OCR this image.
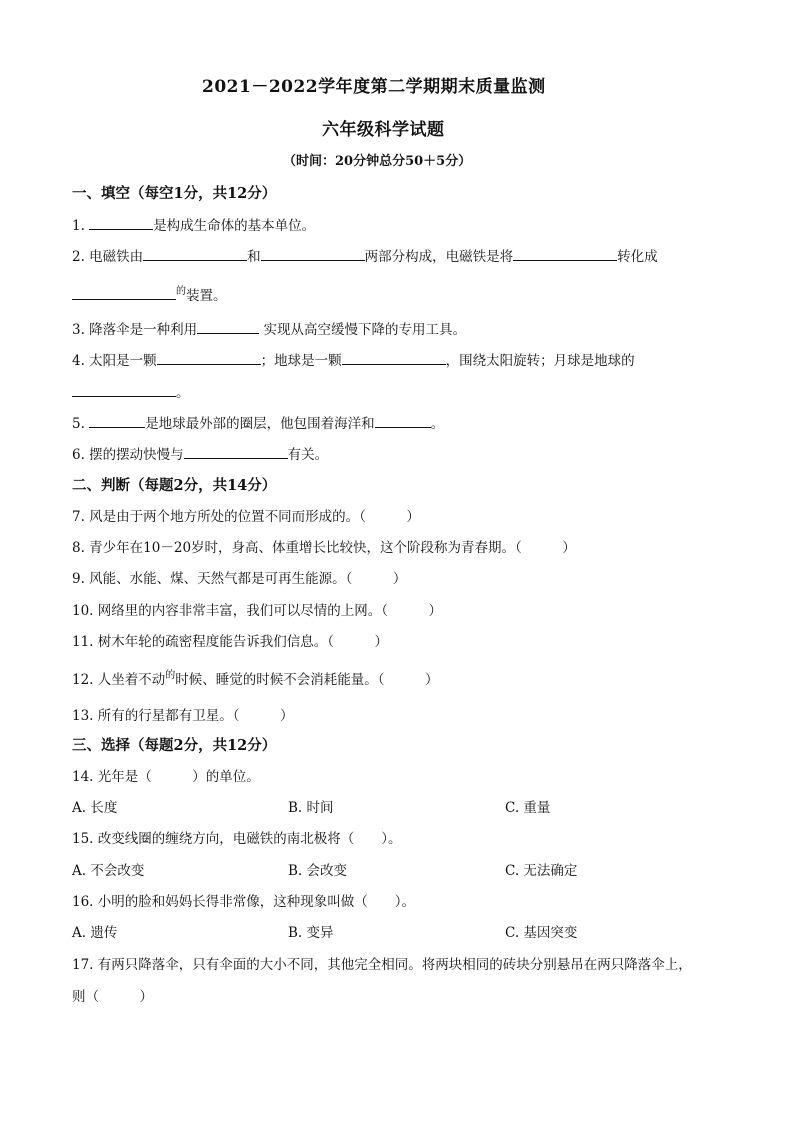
2021－2022学年度第二学期期末质量监测
六年级科学试题
（时间：20分钟总分50＋5分）
一、填空（每空1分，共12分）
1.	是构成生命体的基本单位。
2. 电磁铁由	和	两部分构成，电磁铁是将	转化成
$^的$装置。
3. 降落伞是一种利用	实现从高空缓慢下降的专用工具。
4. 太阳是一颗	；地球是一颗	，围绕太阳旋转；月球是地球的
。
5.	是地球最外部的圈层，他包围着海洋和	。
6. 摆的摆动快慢与	有关。
二、判断（每题2分，共14分）
7. 风是由于两个地方所处的位置不同而形成的。（　　　）
8. 青少年在10－20岁时，身高、体重增长比较快，这个阶段称为青春期。（　　　）
9. 风能、水能、煤、天然气都是可再生能源。（　　　）
10. 网络里的内容非常丰富，我们可以尽情的上网。（　　　）
11. 树木年轮的疏密程度能告诉我们信息。（　　　）
12. 人坐着不动$^的$时候、睡觉的时候不会消耗能量。（　　　）
13. 所有的行星都有卫星。（　　　）
三、选择（每题2分，共12分）
14. 光年是（　　　）的单位。
A. 长度	B. 时间	C. 重量
15. 改变线圈的缠绕方向，电磁铁的南北极将（　　）。
A. 不会改变	B. 会改变	C. 无法确定
16. 小明的脸和妈妈长得非常像，这种现象叫做（　　）。
A. 遗传	B. 变异	C. 基因突变
17. 有两只降落伞，只有伞面的大小不同，其他完全相同。将两块相同的砖块分别悬吊在两只降落伞上，
则（　　　）
